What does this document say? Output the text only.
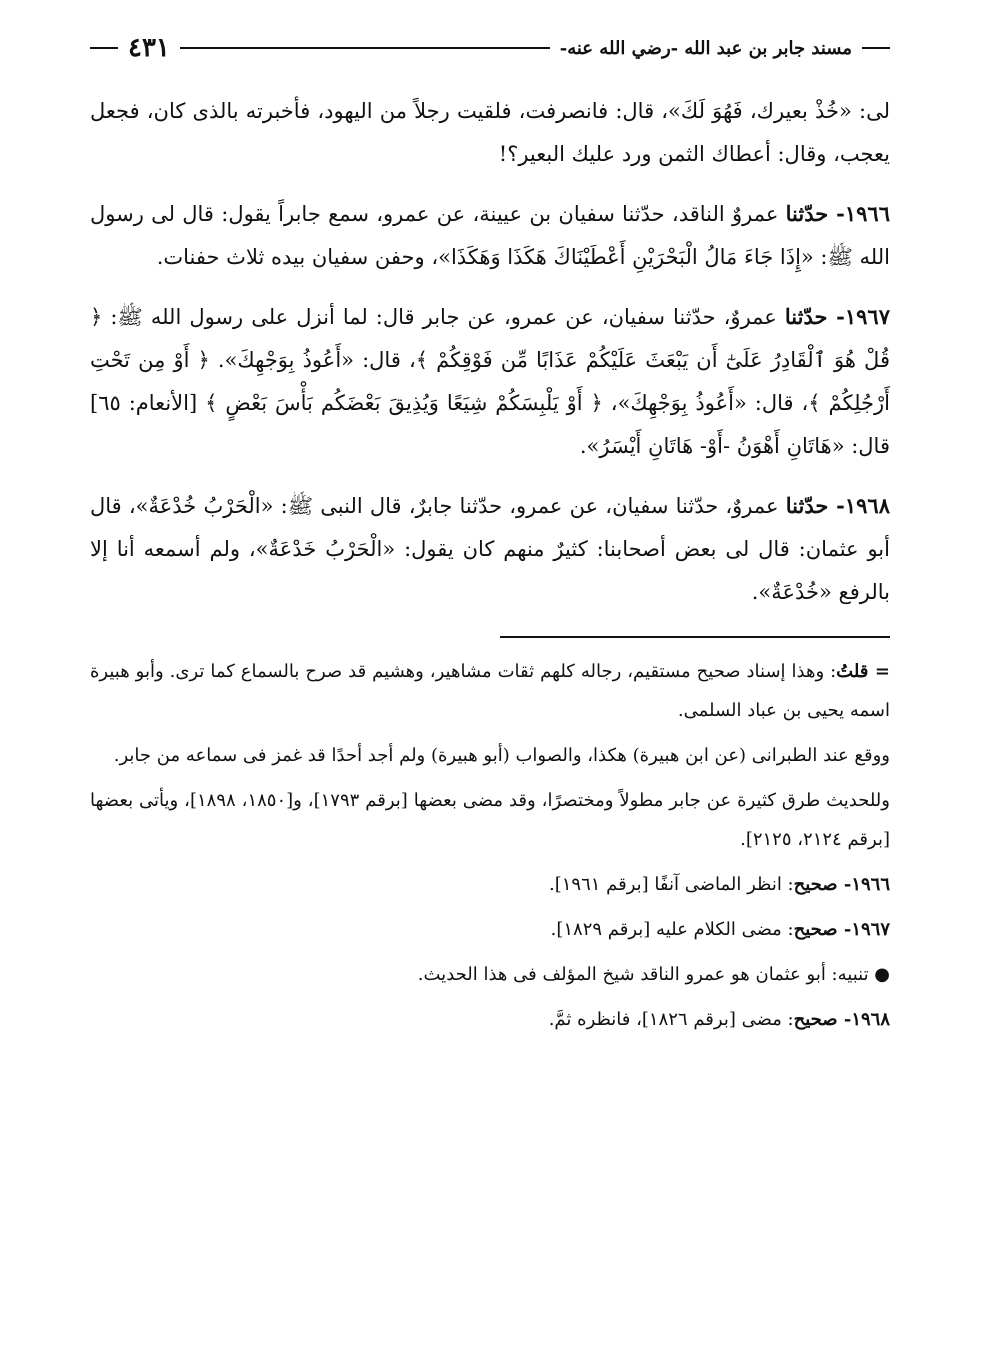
مسند جابر بن عبد الله -رضي الله عنه-
٤٣١

لى: «خُذْ بعيرك، فَهُوَ لَكَ»، قال: فانصرفت، فلقيت رجلاً من اليهود، فأخبرته بالذى كان، فجعل يعجب، وقال: أعطاك الثمن ورد عليك البعير؟!

١٩٦٦- حدّثنا عمروٌ الناقد، حدّثنا سفيان بن عيينة، عن عمرو، سمع جابراً يقول: قال لى رسول الله ﷺ: «إِذَا جَاءَ مَالُ الْبَحْرَيْنِ أَعْطَيْنَاكَ هَكَذَا وَهَكَذَا»، وحفن سفيان بيده ثلاث حفنات.

١٩٦٧- حدّثنا عمروٌ، حدّثنا سفيان، عن عمرو، عن جابر قال: لما أنزل على رسول الله ﷺ: ﴿ قُلْ هُوَ ٱلْقَادِرُ عَلَىٰٓ أَن يَبْعَثَ عَلَيْكُمْ عَذَابًا مِّن فَوْقِكُمْ ﴾، قال: «أَعُوذُ بِوَجْهِكَ». ﴿ أَوْ مِن تَحْتِ أَرْجُلِكُمْ ﴾، قال: «أَعُوذُ بِوَجْهِكَ»، ﴿ أَوْ يَلْبِسَكُمْ شِيَعًا وَيُذِيقَ بَعْضَكُم بَأْسَ بَعْضٍ ﴾ [الأنعام: ٦٥] قال: «هَاتَانِ أَهْوَنُ -أَوْ- هَاتَانِ أَيْسَرُ».

١٩٦٨- حدّثنا عمروٌ، حدّثنا سفيان، عن عمرو، حدّثنا جابرٌ، قال النبى ﷺ: «الْحَرْبُ خُدْعَةٌ»، قال أبو عثمان: قال لى بعض أصحابنا: كثيرٌ منهم كان يقول: «الْحَرْبُ خَدْعَةٌ»، ولم أسمعه أنا إلا بالرفع «خُدْعَةٌ».

= قلتُ: وهذا إسناد صحيح مستقيم، رجاله كلهم ثقات مشاهير، وهشيم قد صرح بالسماع كما ترى. وأبو هبيرة اسمه يحيى بن عباد السلمى.

ووقع عند الطبرانى (عن ابن هبيرة) هكذا، والصواب (أبو هبيرة) ولم أجد أحدًا قد غمز فى سماعه من جابر.

وللحديث طرق كثيرة عن جابر مطولاً ومختصرًا، وقد مضى بعضها [برقم ١٧٩٣]، و[١٨٥٠، ١٨٩٨]، ويأتى بعضها [برقم ٢١٢٤، ٢١٢٥].

١٩٦٦- صحيح: انظر الماضى آنفًا [برقم ١٩٦١].

١٩٦٧- صحيح: مضى الكلام عليه [برقم ١٨٢٩].

● تنبيه: أبو عثمان هو عمرو الناقد شيخ المؤلف فى هذا الحديث.

١٩٦٨- صحيح: مضى [برقم ١٨٢٦]، فانظره ثمَّ.
